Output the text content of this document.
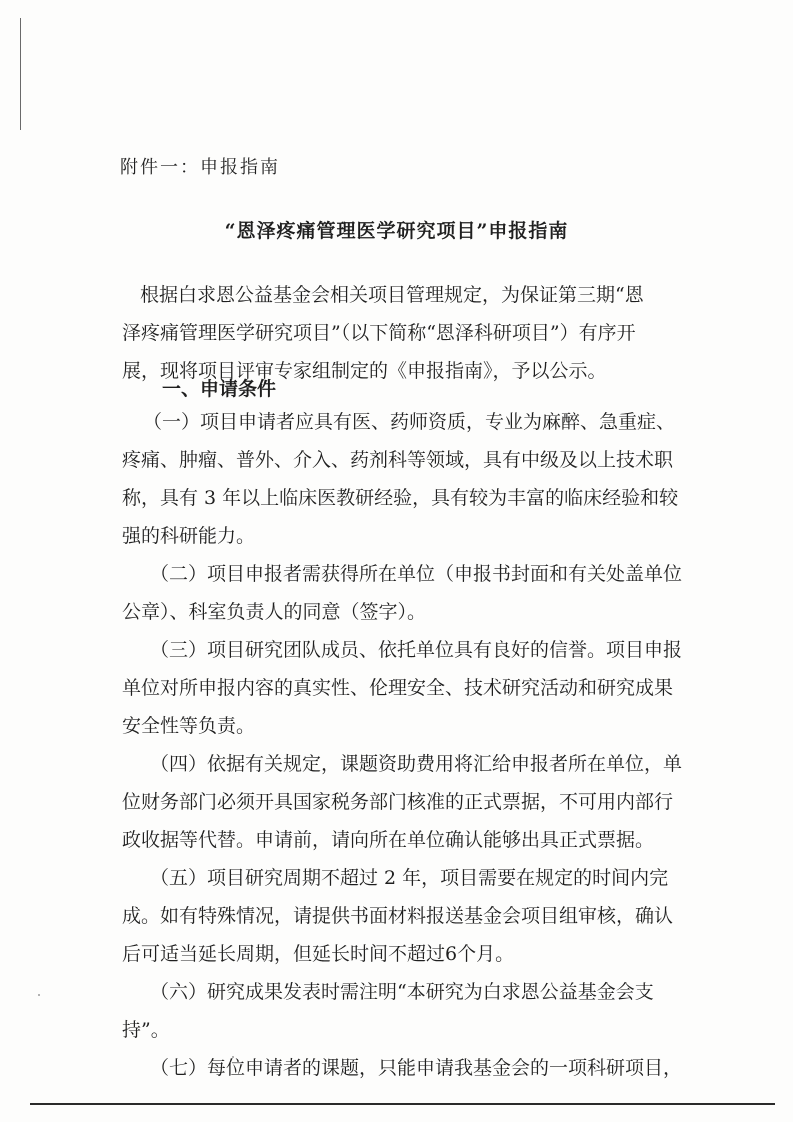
附件一：申报指南
“恩泽疼痛管理医学研究项目”申报指南
根据白求恩公益基金会相关项目管理规定，为保证第三期“恩
泽疼痛管理医学研究项目”（以下简称“恩泽科研项目”）有序开
展，现将项目评审专家组制定的《申报指南》，予以公示。
一、申请条件
（一）项目申请者应具有医、药师资质，专业为麻醉、急重症、
疼痛、肿瘤、普外、介入、药剂科等领域，具有中级及以上技术职
称，具有 3 年以上临床医教研经验，具有较为丰富的临床经验和较
强的科研能力。
（二）项目申报者需获得所在单位（申报书封面和有关处盖单位
公章）、科室负责人的同意（签字）。
（三）项目研究团队成员、依托单位具有良好的信誉。项目申报
单位对所申报内容的真实性、伦理安全、技术研究活动和研究成果
安全性等负责。
（四）依据有关规定，课题资助费用将汇给申报者所在单位，单
位财务部门必须开具国家税务部门核准的正式票据，不可用内部行
政收据等代替。申请前，请向所在单位确认能够出具正式票据。
（五）项目研究周期不超过 2 年，项目需要在规定的时间内完
成。如有特殊情况，请提供书面材料报送基金会项目组审核，确认
后可适当延长周期，但延长时间不超过6个月。
（六）研究成果发表时需注明“本研究为白求恩公益基金会支
持”。
（七）每位申请者的课题，只能申请我基金会的一项科研项目，
